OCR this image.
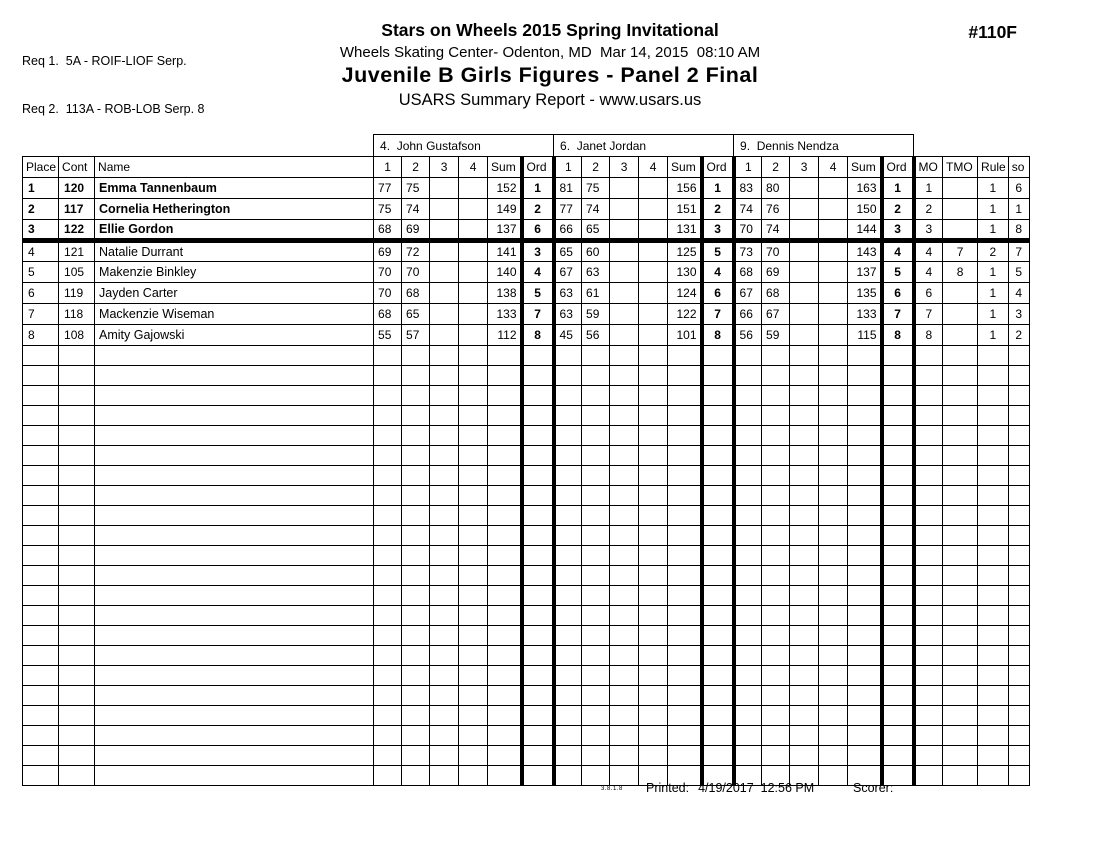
Req 1.  5A - ROIF-LIOF Serp.

Req 2.  113A - ROB-LOB Serp. 8

Stars on Wheels 2015 Spring Invitational
Wheels Skating Center- Odenton, MD  Mar 14, 2015  08:10 AM
Juvenile B Girls Figures - Panel 2 Final
USARS Summary Report - www.usars.us
#110F
			4.  John Gustafson						6.  Janet Jordan						9.  Dennis Nendza									
Place	Cont	Name	1	2	3	4	Sum	Ord	1	2	3	4	Sum	Ord	1	2	3	4	Sum	Ord	MO	TMO	Rule	so
1	120	Emma Tannenbaum	77	75			152	1	81	75			156	1	83	80			163	1	1		1	6
2	117	Cornelia Hetherington	75	74			149	2	77	74			151	2	74	76			150	2	2		1	1
3	122	Ellie Gordon	68	69			137	6	66	65			131	3	70	74			144	3	3		1	8
4	121	Natalie Durrant	69	72			141	3	65	60			125	5	73	70			143	4	4	7	2	7
5	105	Makenzie Binkley	70	70			140	4	67	63			130	4	68	69			137	5	4	8	1	5
6	119	Jayden Carter	70	68			138	5	63	61			124	6	67	68			135	6	6		1	4
7	118	Mackenzie Wiseman	68	65			133	7	63	59			122	7	66	67			133	7	7		1	3
8	108	Amity Gajowski	55	57			112	8	45	56			101	8	56	59			115	8	8		1	2

3.8.1.8 Printed: 4/19/2017  12:56 PM	Scorer:
